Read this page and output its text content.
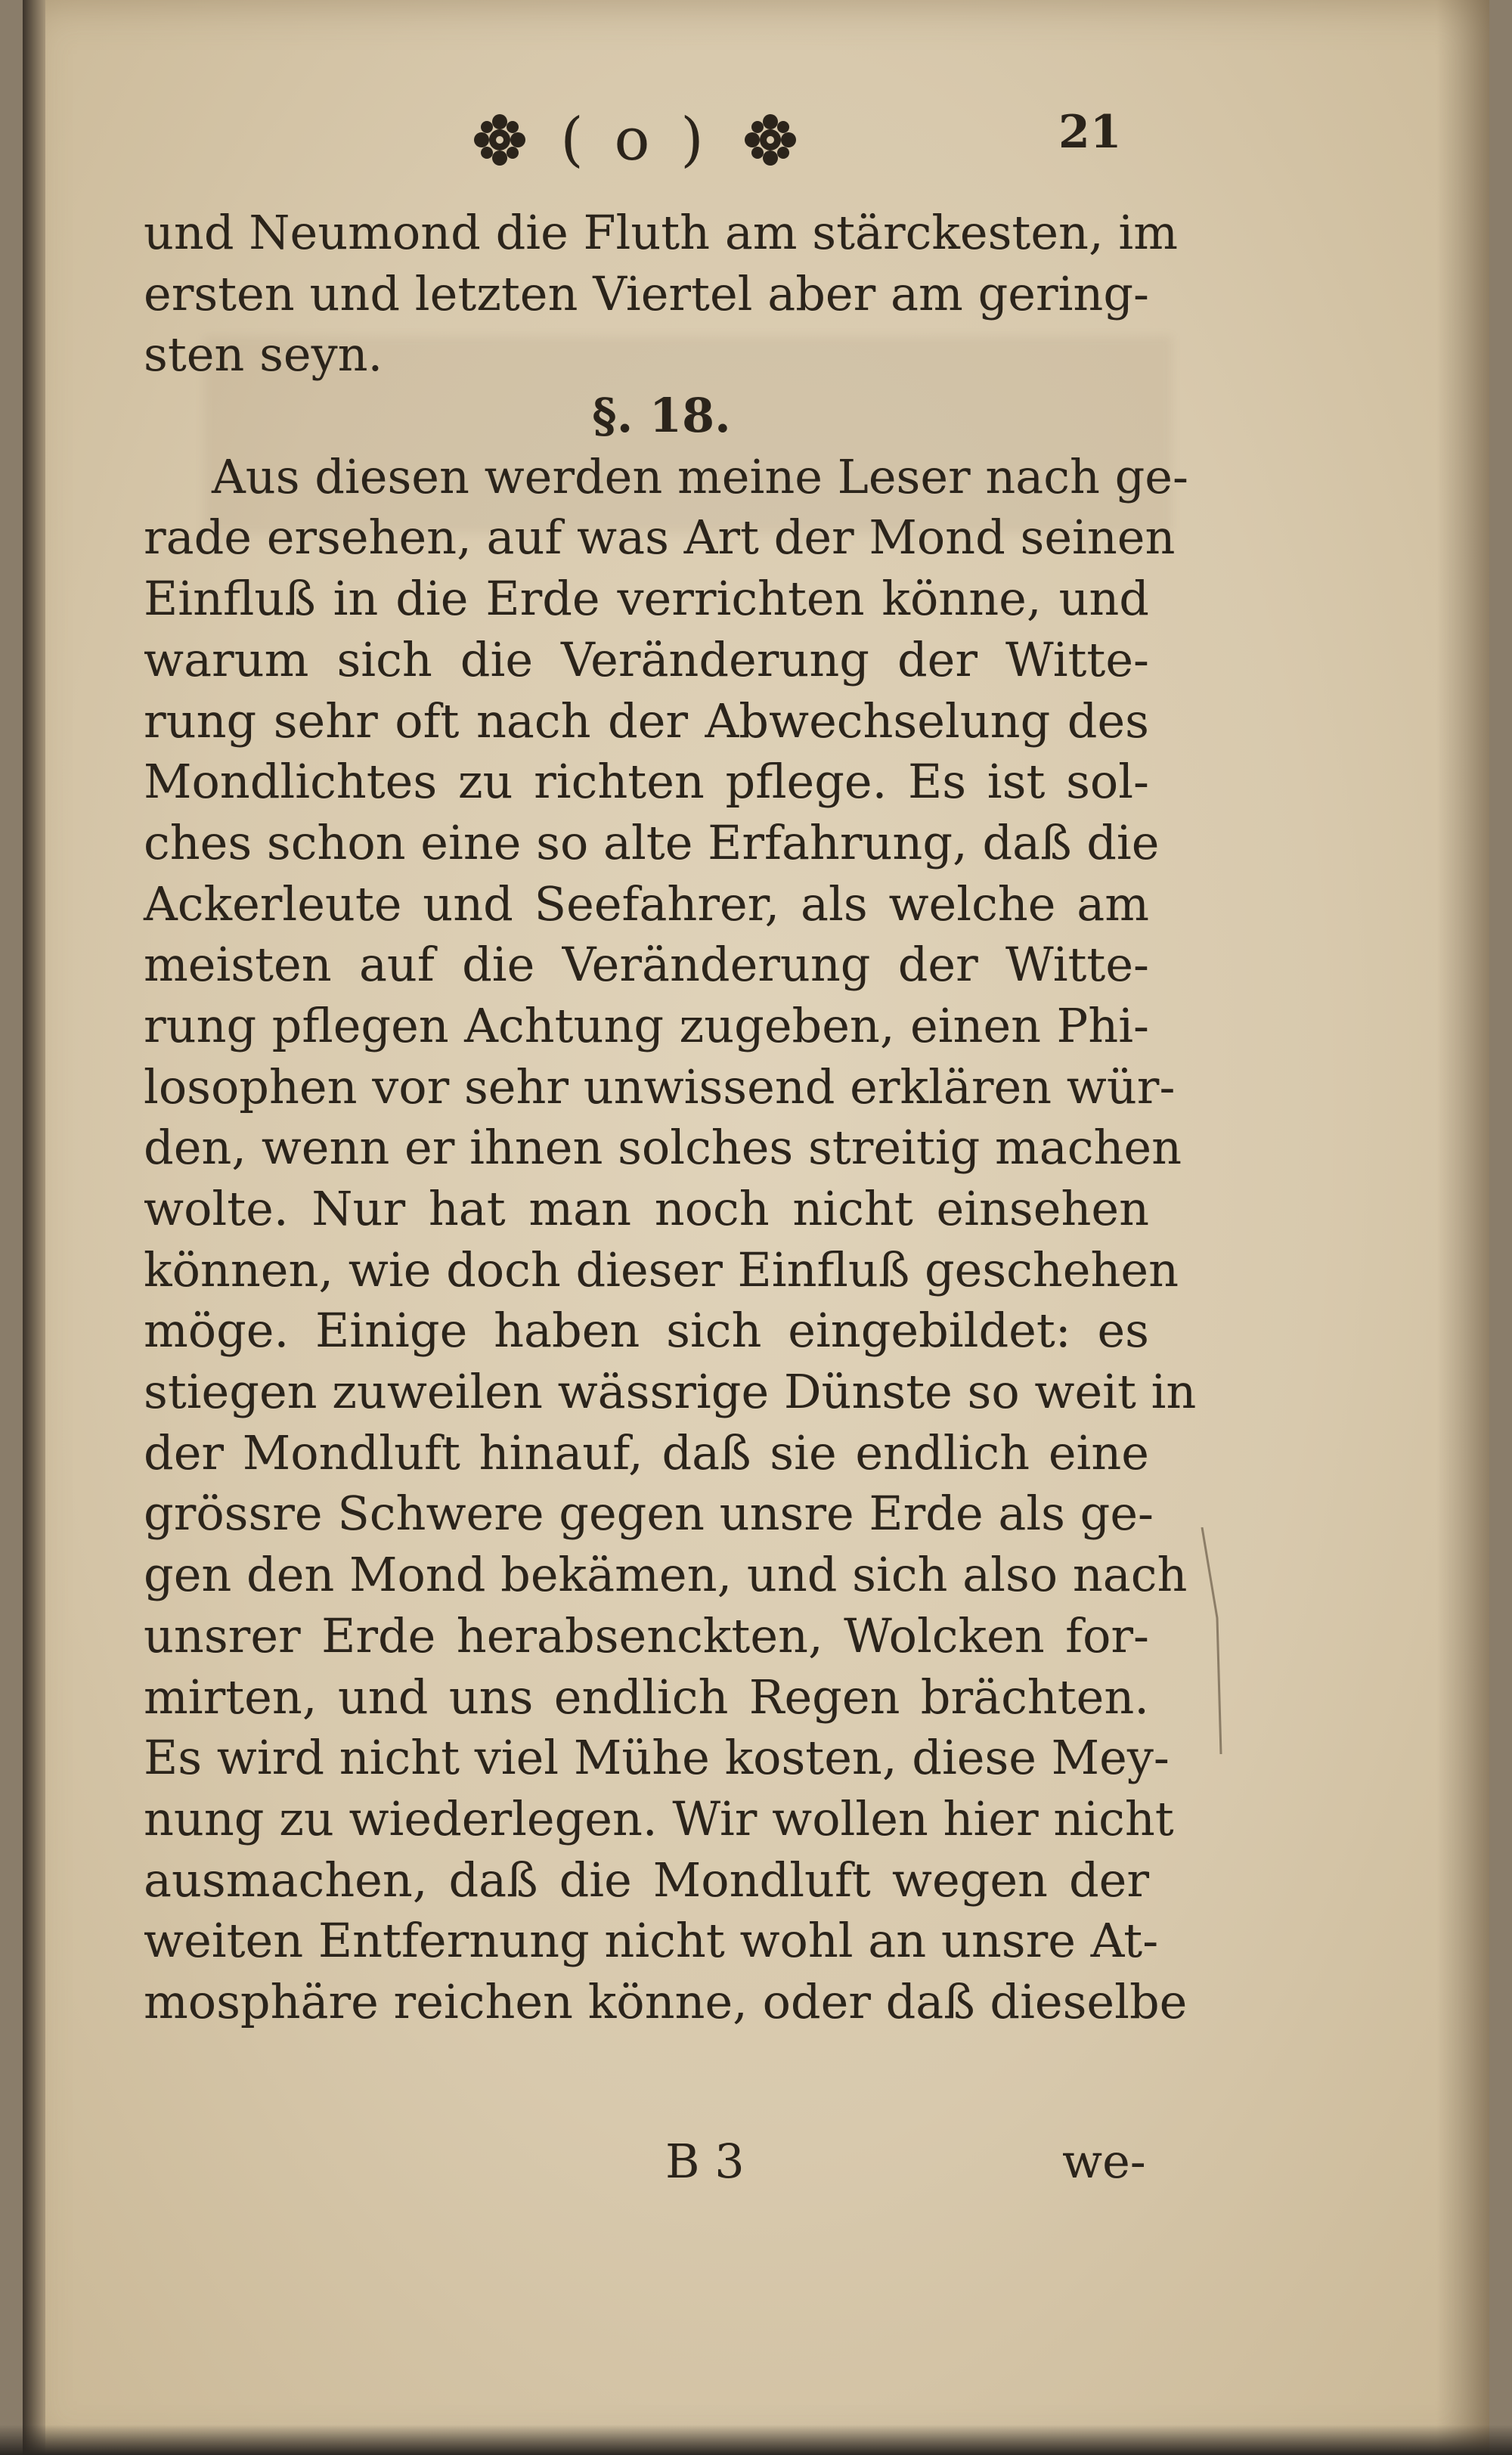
( o )	21
und Neumond die Fluth am stärckesten, im
ersten und letzten Viertel aber am gering-
sten seyn.
§. 18.
Aus diesen werden meine Leser nach ge-
rade ersehen, auf was Art der Mond seinen
Einfluß in die Erde verrichten könne, und
warum sich die Veränderung der Witte-
rung sehr oft nach der Abwechselung des
Mondlichtes zu richten pflege. Es ist sol-
ches schon eine so alte Erfahrung, daß die
Ackerleute und Seefahrer, als welche am
meisten auf die Veränderung der Witte-
rung pflegen Achtung zugeben, einen Phi-
losophen vor sehr unwissend erklären wür-
den, wenn er ihnen solches streitig machen
wolte. Nur hat man noch nicht einsehen
können, wie doch dieser Einfluß geschehen
möge. Einige haben sich eingebildet: es
stiegen zuweilen wässrige Dünste so weit in
der Mondluft hinauf, daß sie endlich eine
grössre Schwere gegen unsre Erde als ge-
gen den Mond bekämen, und sich also nach
unsrer Erde herabsenckten, Wolcken for-
mirten, und uns endlich Regen brächten.
Es wird nicht viel Mühe kosten, diese Mey-
nung zu wiederlegen. Wir wollen hier nicht
ausmachen, daß die Mondluft wegen der
weiten Entfernung nicht wohl an unsre At-
mosphäre reichen könne, oder daß dieselbe
B 3	we-
